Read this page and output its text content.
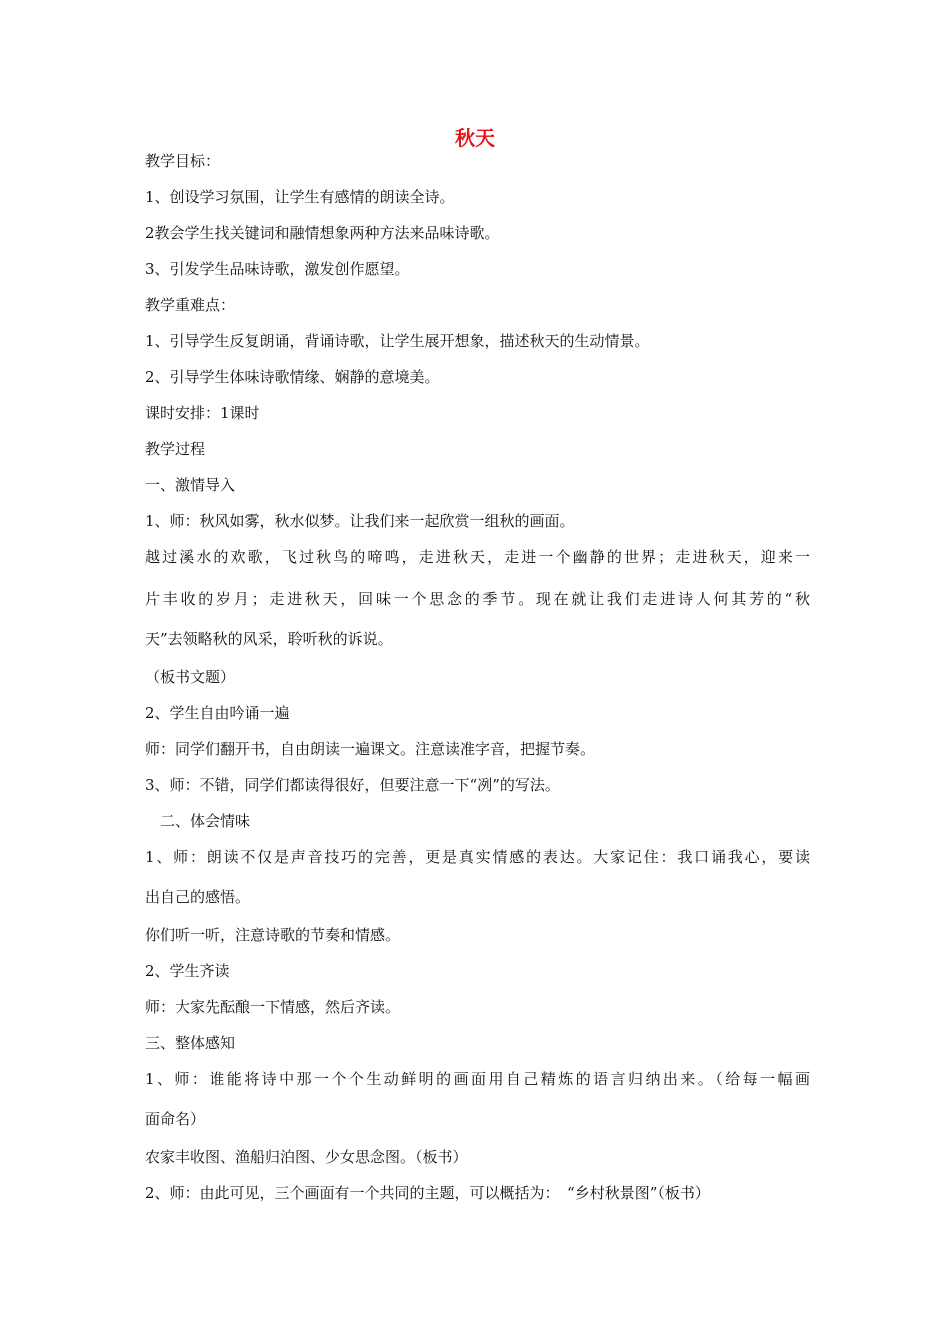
秋天
教学目标：
1、创设学习氛围，让学生有感情的朗读全诗。
2教会学生找关键词和融情想象两种方法来品味诗歌。
3、引发学生品味诗歌，激发创作愿望。
教学重难点：
1、引导学生反复朗诵，背诵诗歌，让学生展开想象，描述秋天的生动情景。
2、引导学生体味诗歌情缘、娴静的意境美。
课时安排：1课时
教学过程
一、激情导入
1、师：秋风如雾，秋水似梦。让我们来一起欣赏一组秋的画面。
越过溪水的欢歌，飞过秋鸟的啼鸣，走进秋天，走进一个幽静的世界；走进秋天，迎来一
片丰收的岁月；走进秋天，回味一个思念的季节。现在就让我们走进诗人何其芳的“秋
天”去领略秋的风采，聆听秋的诉说。
（板书文题）
2、学生自由吟诵一遍
师：同学们翻开书，自由朗读一遍课文。注意读准字音，把握节奏。
3、师：不错，同学们都读得很好，但要注意一下“冽”的写法。
二、体会情味
1、师：朗读不仅是声音技巧的完善，更是真实情感的表达。大家记住：我口诵我心，要读
出自己的感悟。
你们听一听，注意诗歌的节奏和情感。
2、学生齐读
师：大家先酝酿一下情感，然后齐读。
三、整体感知
1、师：谁能将诗中那一个个生动鲜明的画面用自己精炼的语言归纳出来。（给每一幅画
面命名）
农家丰收图、渔船归泊图、少女思念图。（板书）
2、师：由此可见，三个画面有一个共同的主题，可以概括为：　“乡村秋景图”（板书）
